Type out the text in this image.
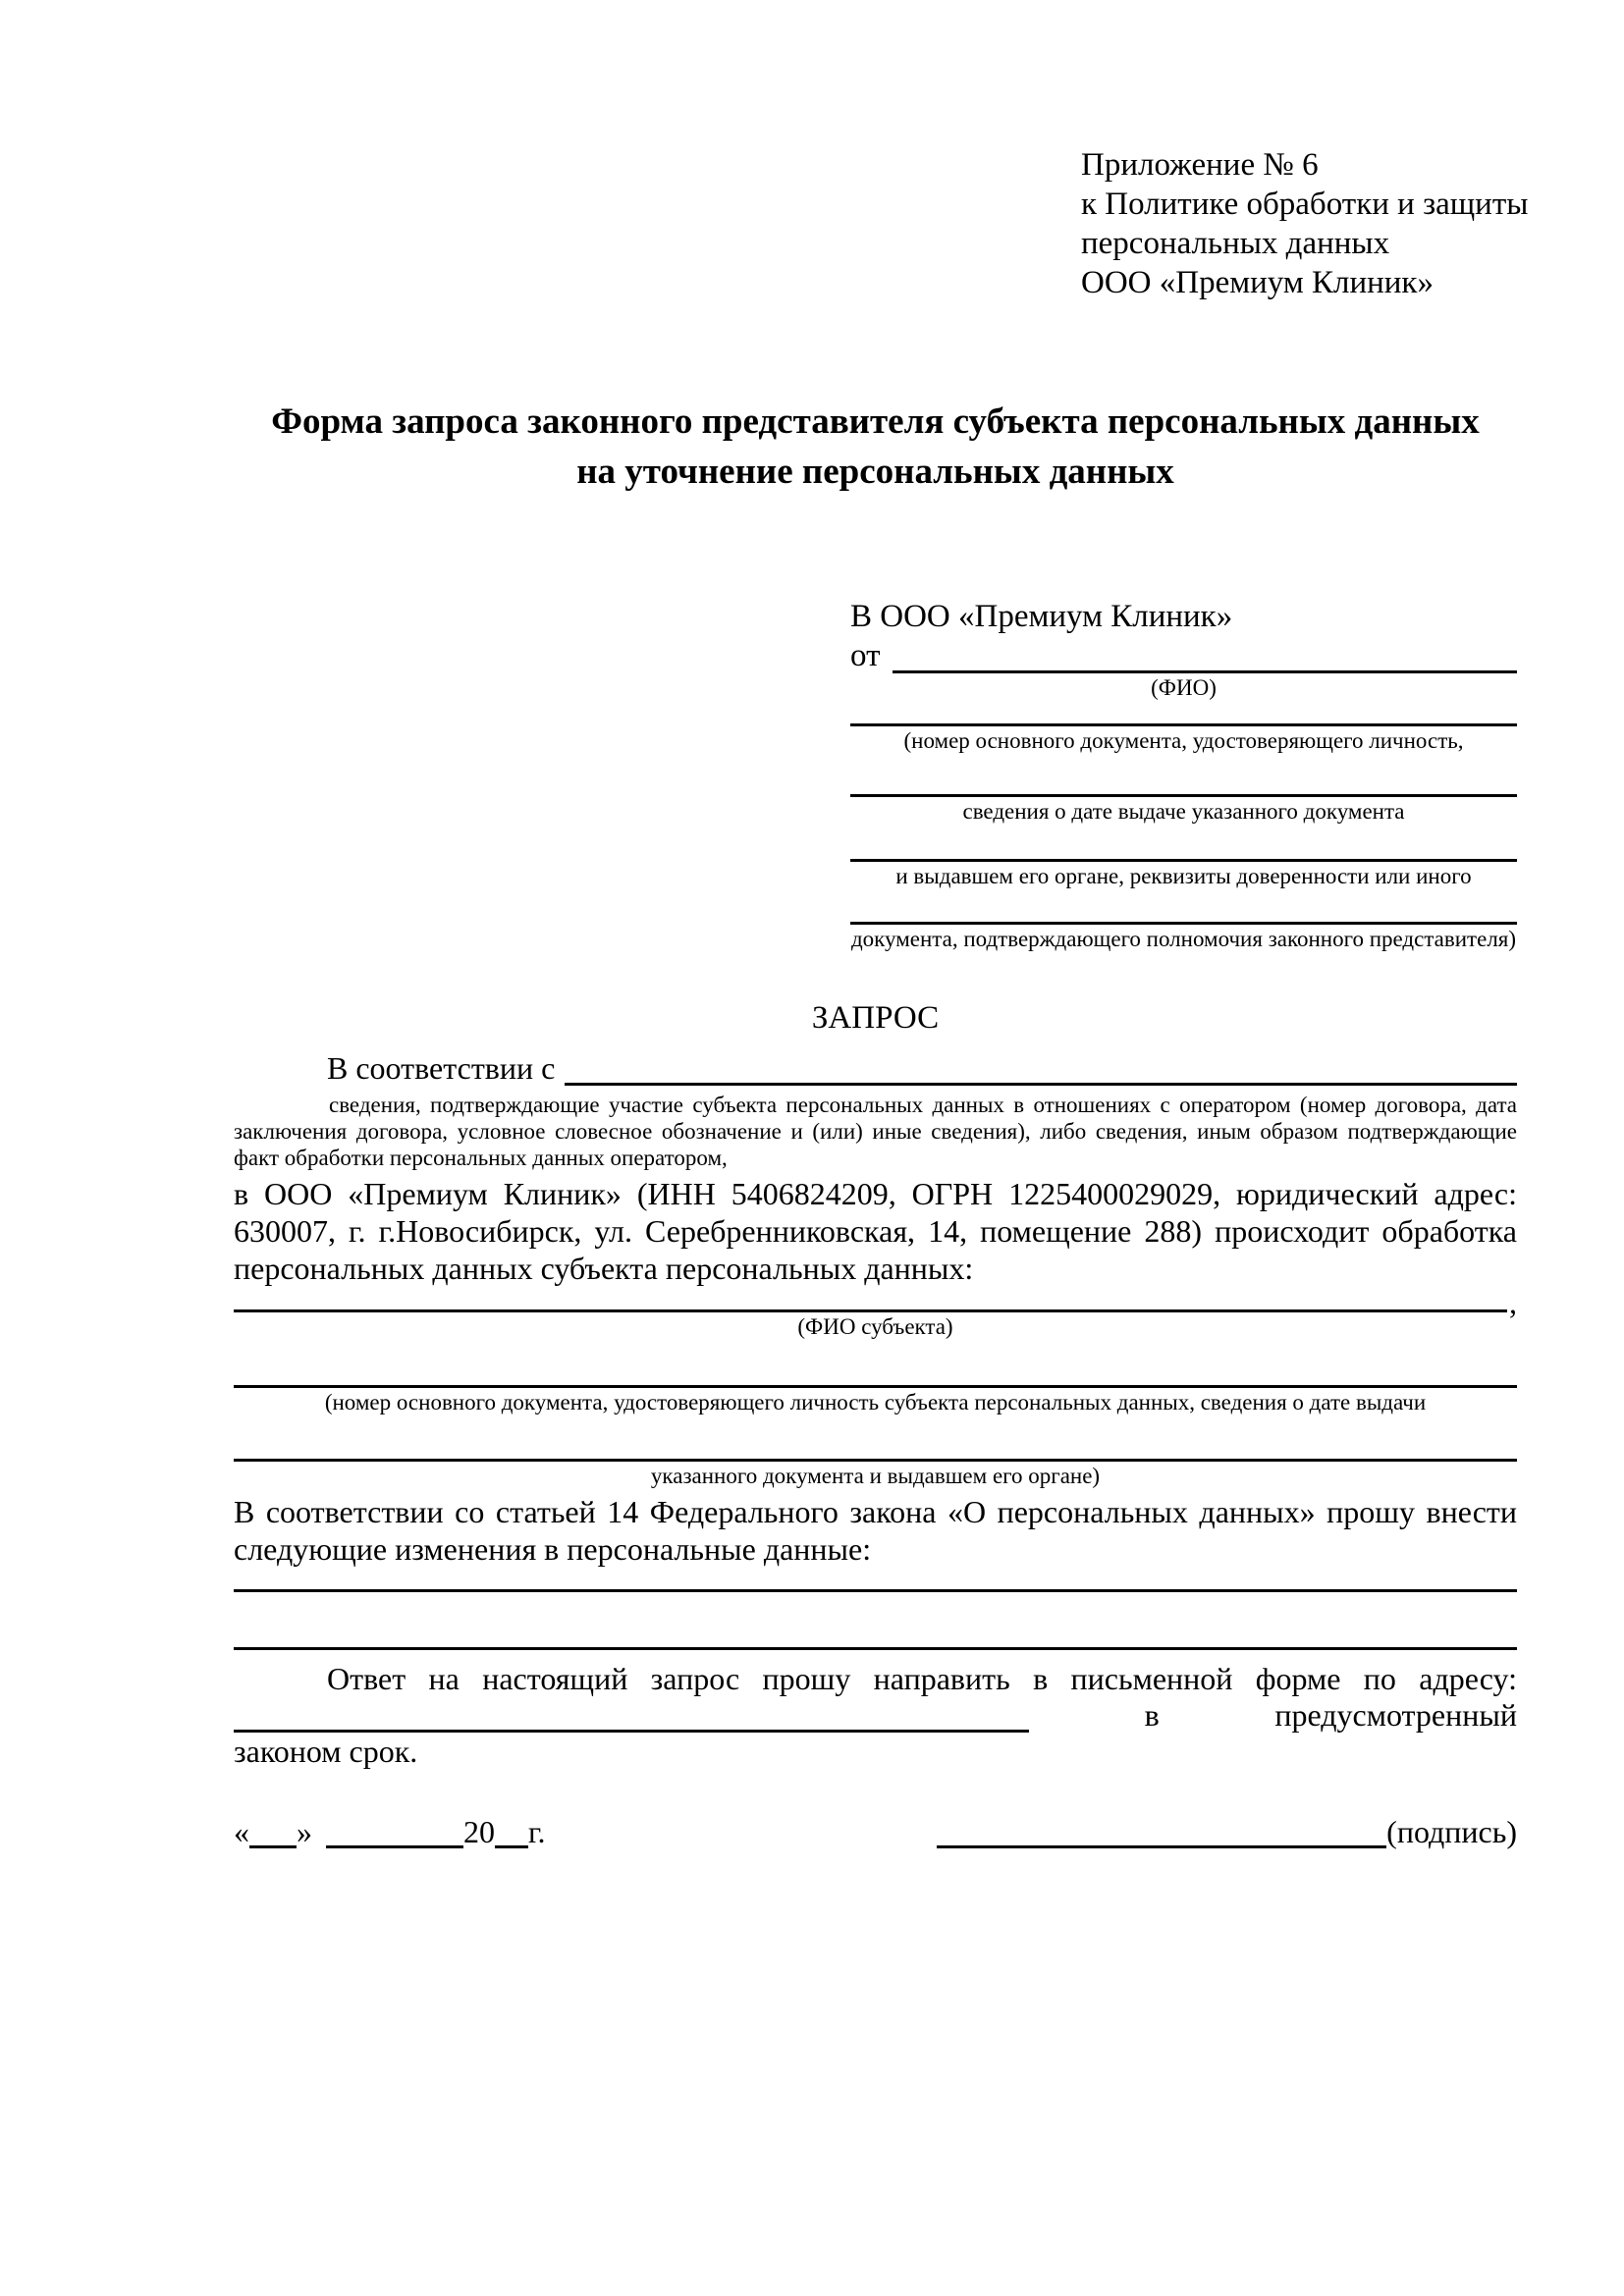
Приложение № 6
к Политике обработки и защиты
персональных данных
ООО «Премиум Клиник»
Форма запроса законного представителя субъекта персональных данных
на уточнение персональных данных
В ООО «Премиум Клиник»
от
(ФИО)
(номер основного документа, удостоверяющего личность,
сведения о дате выдаче указанного документа
и выдавшем его органе, реквизиты доверенности или иного
документа, подтверждающего полномочия законного представителя)
ЗАПРОС
В соответствии с
сведения, подтверждающие участие субъекта персональных данных в отношениях с оператором (номер договора, дата заключения договора, условное словесное обозначение и (или) иные сведения), либо сведения, иным образом подтверждающие факт обработки персональных данных оператором,
в ООО «Премиум Клиник» (ИНН 5406824209, ОГРН 1225400029029, юридический адрес: 630007, г. г.Новосибирск, ул. Серебренниковская, 14, помещение 288) происходит обработка персональных данных субъекта персональных данных:
,
(ФИО субъекта)
(номер основного документа, удостоверяющего личность субъекта персональных данных, сведения о дате выдачи
указанного документа и выдавшем его органе)
В соответствии со статьей 14 Федерального закона «О персональных данных» прошу внести следующие изменения в персональные данные:
Ответ на настоящий запрос прошу направить в письменной форме по адресу:
в	предусмотренный
законом срок.
« »	20 г.	(подпись)
